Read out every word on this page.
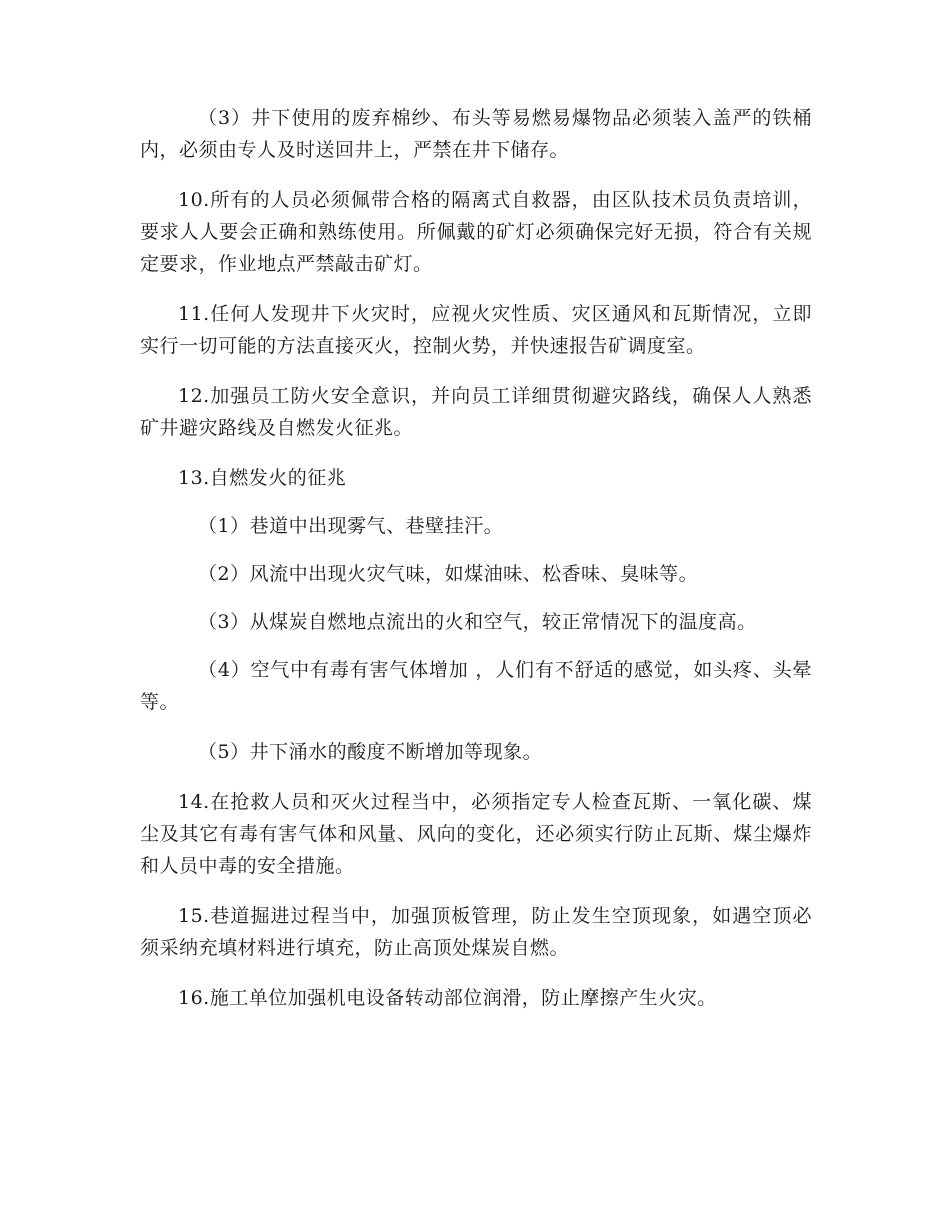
（3）井下使用的废弃棉纱、布头等易燃易爆物品必须装入盖严的铁桶内，必须由专人及时送回井上，严禁在井下储存。

10.所有的人员必须佩带合格的隔离式自救器，由区队技术员负责培训，要求人人要会正确和熟练使用。所佩戴的矿灯必须确保完好无损，符合有关规定要求，作业地点严禁敲击矿灯。

11.任何人发现井下火灾时，应视火灾性质、灾区通风和瓦斯情况，立即实行一切可能的方法直接灭火，控制火势，并快速报告矿调度室。

12.加强员工防火安全意识，并向员工详细贯彻避灾路线，确保人人熟悉矿井避灾路线及自燃发火征兆。

13.自燃发火的征兆

（1）巷道中出现雾气、巷壁挂汗。

（2）风流中出现火灾气味，如煤油味、松香味、臭味等。

（3）从煤炭自燃地点流出的火和空气，较正常情况下的温度高。

（4）空气中有毒有害气体增加 ，人们有不舒适的感觉，如头疼、头晕等。

（5）井下涌水的酸度不断增加等现象。

14.在抢救人员和灭火过程当中，必须指定专人检查瓦斯、一氧化碳、煤尘及其它有毒有害气体和风量、风向的变化，还必须实行防止瓦斯、煤尘爆炸和人员中毒的安全措施。

15.巷道掘进过程当中，加强顶板管理，防止发生空顶现象，如遇空顶必须采纳充填材料进行填充，防止高顶处煤炭自燃。

16.施工单位加强机电设备转动部位润滑，防止摩擦产生火灾。
